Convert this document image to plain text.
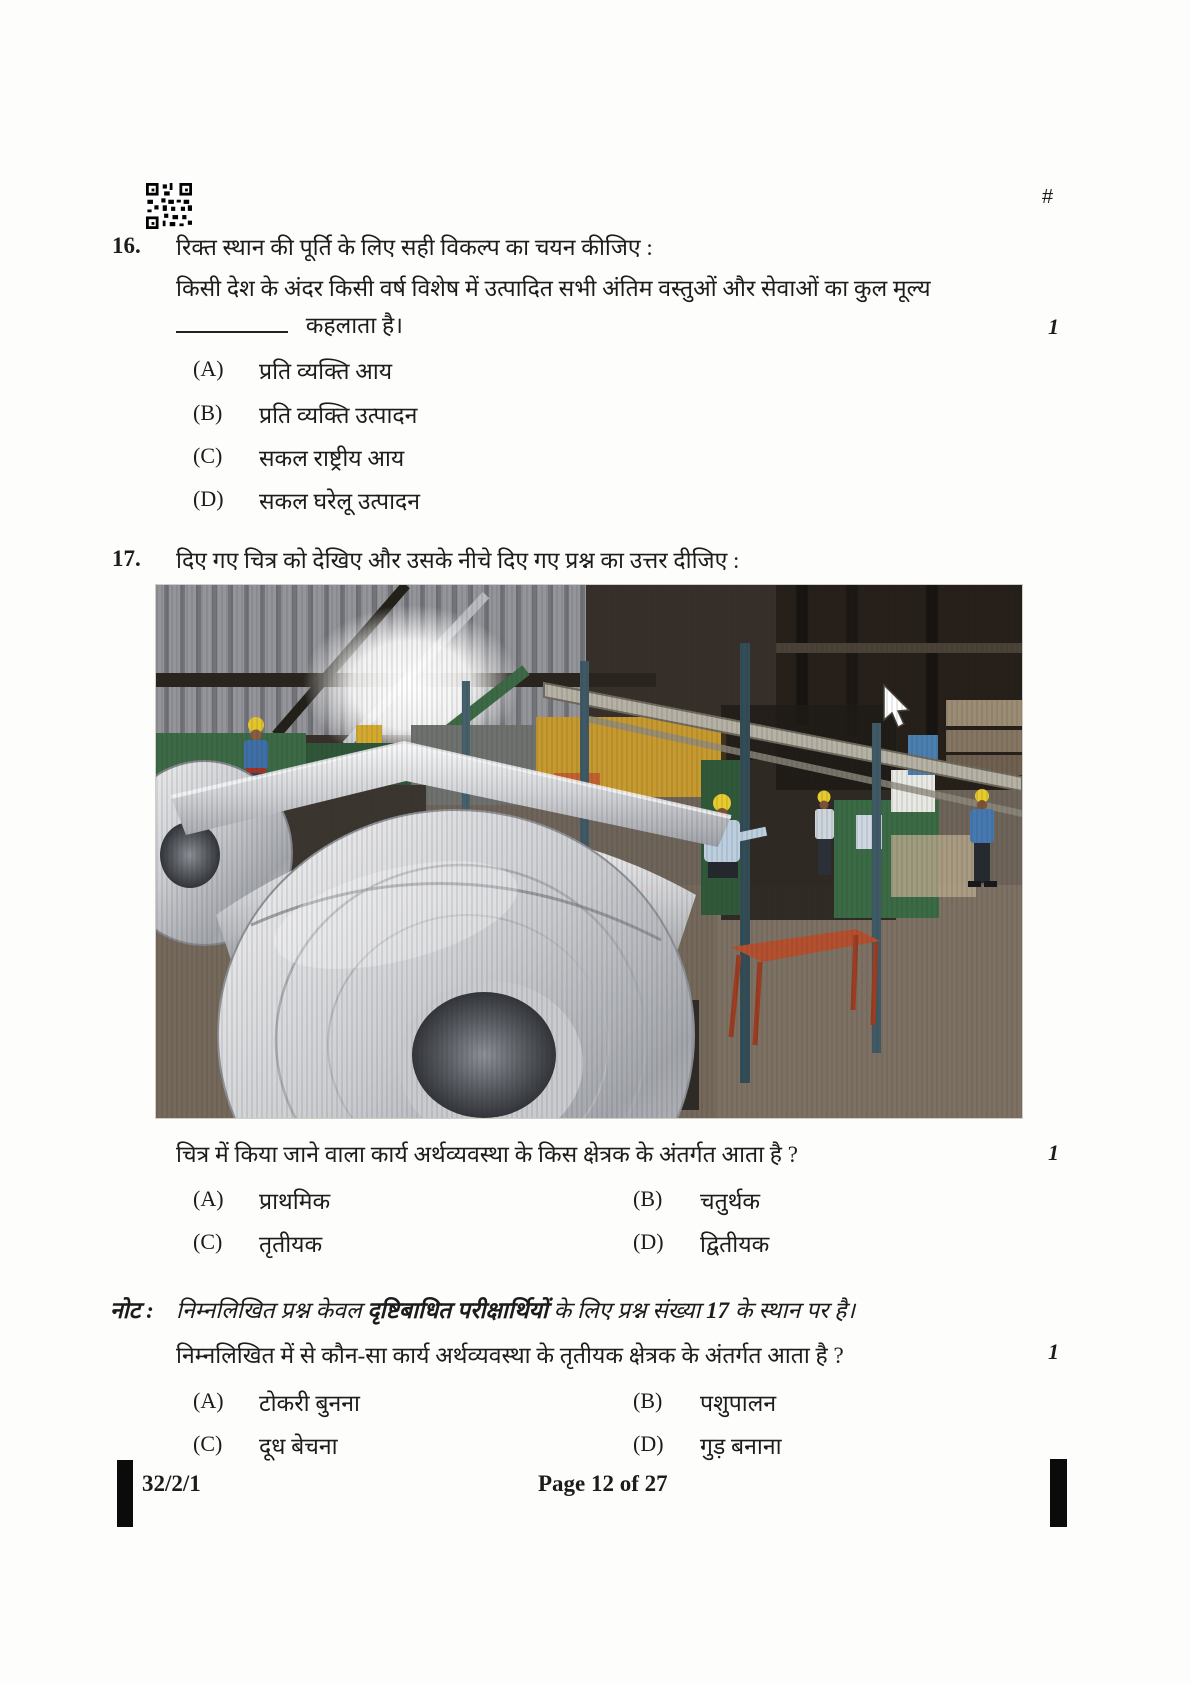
#
16. रिक्त स्थान की पूर्ति के लिए सही विकल्प का चयन कीजिए :
किसी देश के अंदर किसी वर्ष विशेष में उत्पादित सभी अंतिम वस्तुओं और सेवाओं का कुल मूल्य
कहलाता है।	1
(A) प्रति व्यक्ति आय
(B) प्रति व्यक्ति उत्पादन
(C) सकल राष्ट्रीय आय
(D) सकल घरेलू उत्पादन
17. दिए गए चित्र को देखिए और उसके नीचे दिए गए प्रश्न का उत्तर दीजिए :
चित्र में किया जाने वाला कार्य अर्थव्यवस्था के किस क्षेत्रक के अंतर्गत आता है ?	1
(A) प्राथमिक	(B) चतुर्थक
(C) तृतीयक	(D) द्वितीयक
नोट : निम्नलिखित प्रश्न केवल दृष्टिबाधित परीक्षार्थियों के लिए प्रश्न संख्या 17 के स्थान पर है।
निम्नलिखित में से कौन-सा कार्य अर्थव्यवस्था के तृतीयक क्षेत्रक के अंतर्गत आता है ?	1
(A) टोकरी बुनना	(B) पशुपालन
(C) दूध बेचना	(D) गुड़ बनाना
32/2/1	Page 12 of 27
